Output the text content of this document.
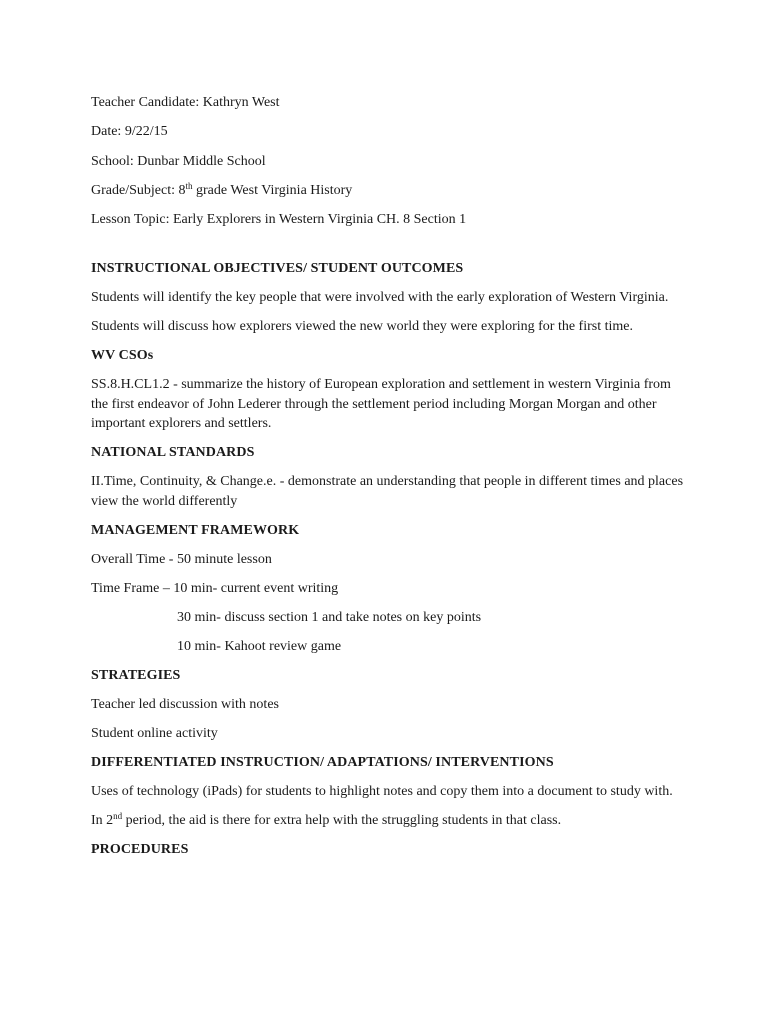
Teacher Candidate: Kathryn West

Date: 9/22/15

School: Dunbar Middle School

Grade/Subject: 8th grade West Virginia History

Lesson Topic: Early Explorers in Western Virginia CH. 8 Section 1

INSTRUCTIONAL OBJECTIVES/ STUDENT OUTCOMES

Students will identify the key people that were involved with the early exploration of Western Virginia.

Students will discuss how explorers viewed the new world they were exploring for the first time.

WV CSOs

SS.8.H.CL1.2 - summarize the history of European exploration and settlement in western Virginia from the first endeavor of John Lederer through the settlement period including Morgan Morgan and other important explorers and settlers.

NATIONAL STANDARDS

II.Time, Continuity, & Change.e. - demonstrate an understanding that people in different times and places view the world differently

MANAGEMENT FRAMEWORK

Overall Time - 50 minute lesson

Time Frame – 10 min- current event writing

30 min- discuss section 1 and take notes on key points

10 min- Kahoot review game

STRATEGIES

Teacher led discussion with notes

Student online activity

DIFFERENTIATED INSTRUCTION/ ADAPTATIONS/ INTERVENTIONS

Uses of technology (iPads) for students to highlight notes and copy them into a document to study with.

In 2nd period, the aid is there for extra help with the struggling students in that class.

PROCEDURES
